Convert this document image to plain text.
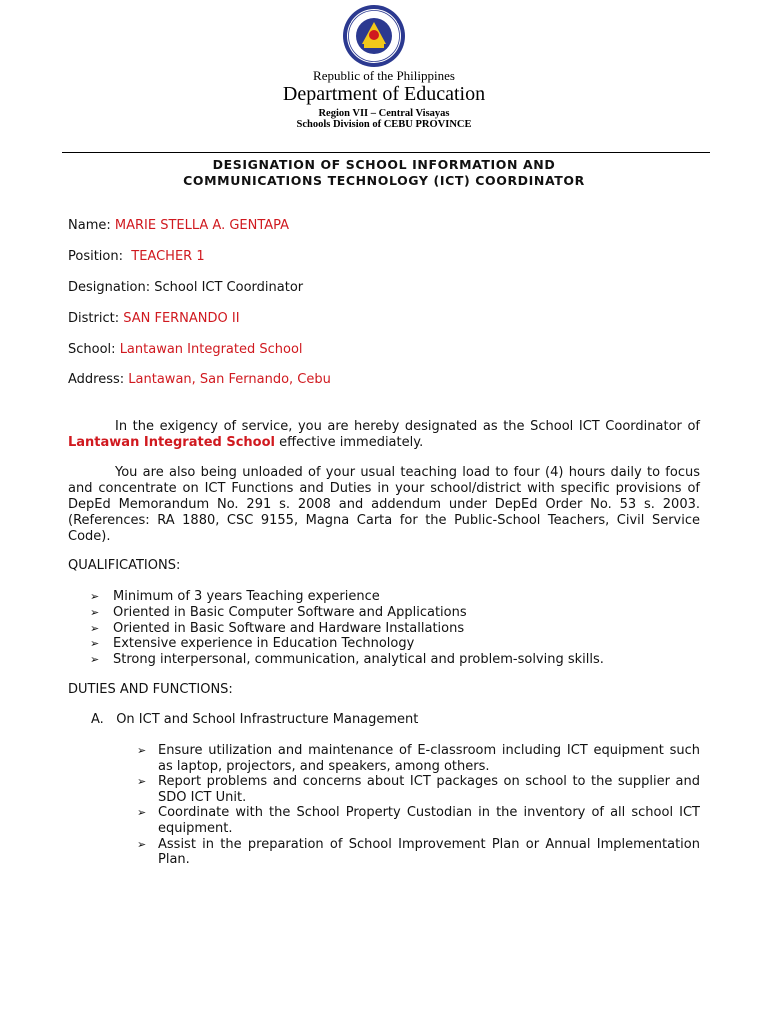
Republic of the Philippines
Department of Education
Region VII – Central Visayas
Schools Division of CEBU PROVINCE
DESIGNATION OF SCHOOL INFORMATION AND
COMMUNICATIONS TECHNOLOGY (ICT) COORDINATOR
Name: MARIE STELLA A. GENTAPA
Position: TEACHER 1
Designation: School ICT Coordinator
District: SAN FERNANDO II
School: Lantawan Integrated School
Address: Lantawan, San Fernando, Cebu
In the exigency of service, you are hereby designated as the School ICT Coordinator of Lantawan Integrated School effective immediately.
You are also being unloaded of your usual teaching load to four (4) hours daily to focus and concentrate on ICT Functions and Duties in your school/district with specific provisions of DepEd Memorandum No. 291 s. 2008 and addendum under DepEd Order No. 53 s. 2003. (References: RA 1880, CSC 9155, Magna Carta for the Public-School Teachers, Civil Service Code).
QUALIFICATIONS:
➢ Minimum of 3 years Teaching experience
➢ Oriented in Basic Computer Software and Applications
➢ Oriented in Basic Software and Hardware Installations
➢ Extensive experience in Education Technology
➢ Strong interpersonal, communication, analytical and problem-solving skills.
DUTIES AND FUNCTIONS:
A. On ICT and School Infrastructure Management
➢ Ensure utilization and maintenance of E-classroom including ICT equipment such as laptop, projectors, and speakers, among others.
➢ Report problems and concerns about ICT packages on school to the supplier and SDO ICT Unit.
➢ Coordinate with the School Property Custodian in the inventory of all school ICT equipment.
➢ Assist in the preparation of School Improvement Plan or Annual Implementation Plan.
